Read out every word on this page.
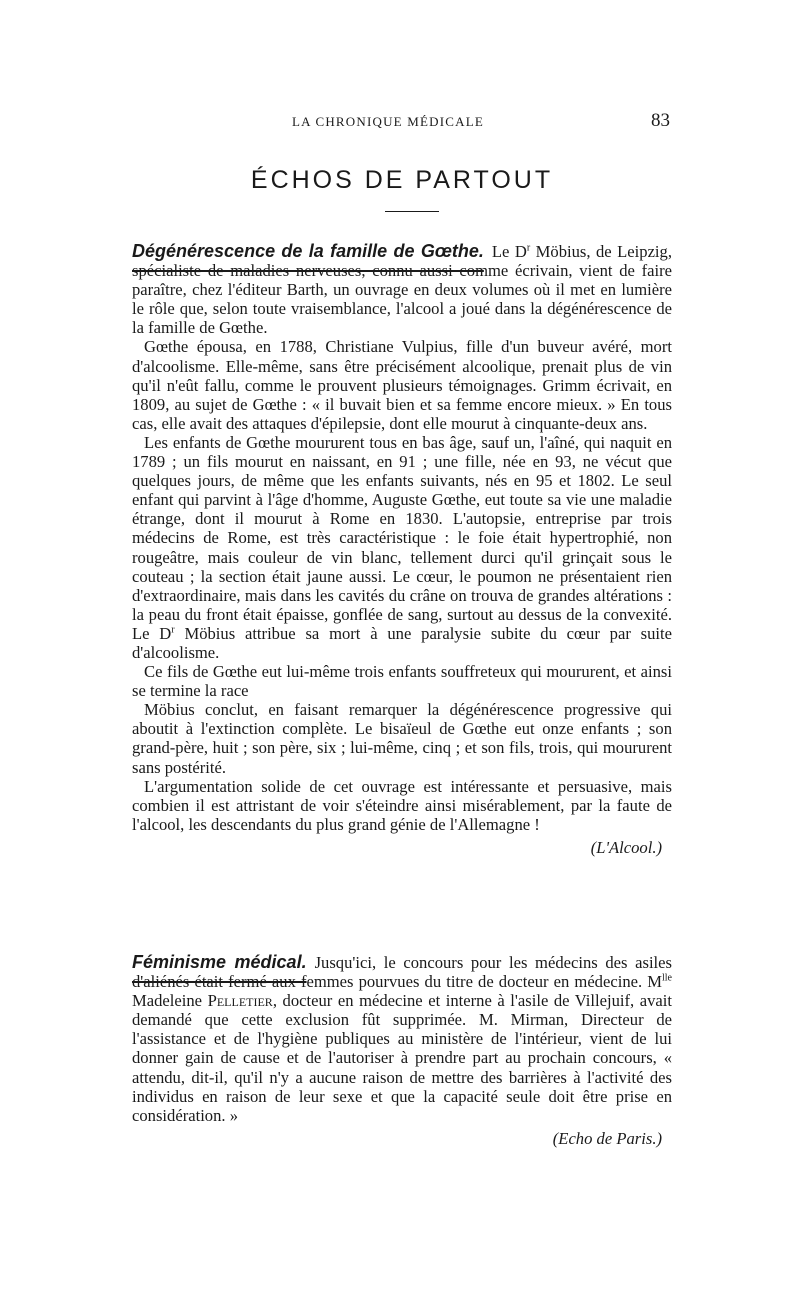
LA CHRONIQUE MÉDICALE	83
ÉCHOS DE PARTOUT

Dégénérescence de la famille de Gœthe. Le $D^r$ Möbius, de Leipzig, spécialiste de maladies nerveuses, connu aussi comme écrivain, vient de faire paraître, chez l'éditeur Barth, un ouvrage en deux volumes où il met en lumière le rôle que, selon toute vraisemblance, l'alcool a joué dans la dégénérescence de la famille de Gœthe.

Gœthe épousa, en 1788, Christiane Vulpius, fille d'un buveur avéré, mort d'alcoolisme. Elle-même, sans être précisément alcoolique, prenait plus de vin qu'il n'eût fallu, comme le prouvent plusieurs témoignages. Grimm écrivait, en 1809, au sujet de Gœthe : « il buvait bien et sa femme encore mieux. » En tous cas, elle avait des attaques d'épilepsie, dont elle mourut à cinquante-deux ans.

Les enfants de Gœthe moururent tous en bas âge, sauf un, l'aîné, qui naquit en 1789 ; un fils mourut en naissant, en 91 ; une fille, née en 93, ne vécut que quelques jours, de même que les enfants suivants, nés en 95 et 1802. Le seul enfant qui parvint à l'âge d'homme, Auguste Gœthe, eut toute sa vie une maladie étrange, dont il mourut à Rome en 1830. L'autopsie, entreprise par trois médecins de Rome, est très caractéristique : le foie était hypertrophié, non rougeâtre, mais couleur de vin blanc, tellement durci qu'il grinçait sous le couteau ; la section était jaune aussi. Le cœur, le poumon ne présentaient rien d'extraordinaire, mais dans les cavités du crâne on trouva de grandes altérations : la peau du front était épaisse, gonflée de sang, surtout au dessus de la convexité. Le $D^r$ Möbius attribue sa mort à une paralysie subite du cœur par suite d'alcoolisme.

Ce fils de Gœthe eut lui-même trois enfants souffreteux qui moururent, et ainsi se termine la race

Möbius conclut, en faisant remarquer la dégénérescence progressive qui aboutit à l'extinction complète. Le bisaïeul de Gœthe eut onze enfants ; son grand-père, huit ; son père, six ; lui-même, cinq ; et son fils, trois, qui moururent sans postérité.

L'argumentation solide de cet ouvrage est intéressante et persuasive, mais combien il est attristant de voir s'éteindre ainsi misérablement, par la faute de l'alcool, les descendants du plus grand génie de l'Allemagne !

(L'Alcool.)

Féminisme médical. Jusqu'ici, le concours pour les médecins des asiles d'aliénés était fermé aux femmes pourvues du titre de docteur en médecine. $M^{lle}$ Madeleine Pelletier, docteur en médecine et interne à l'asile de Villejuif, avait demandé que cette exclusion fût supprimée. M. Mirman, Directeur de l'assistance et de l'hygiène publiques au ministère de l'intérieur, vient de lui donner gain de cause et de l'autoriser à prendre part au prochain concours, « attendu, dit-il, qu'il n'y a aucune raison de mettre des barrières à l'activité des individus en raison de leur sexe et que la capacité seule doit être prise en considération. »

(Echo de Paris.)
